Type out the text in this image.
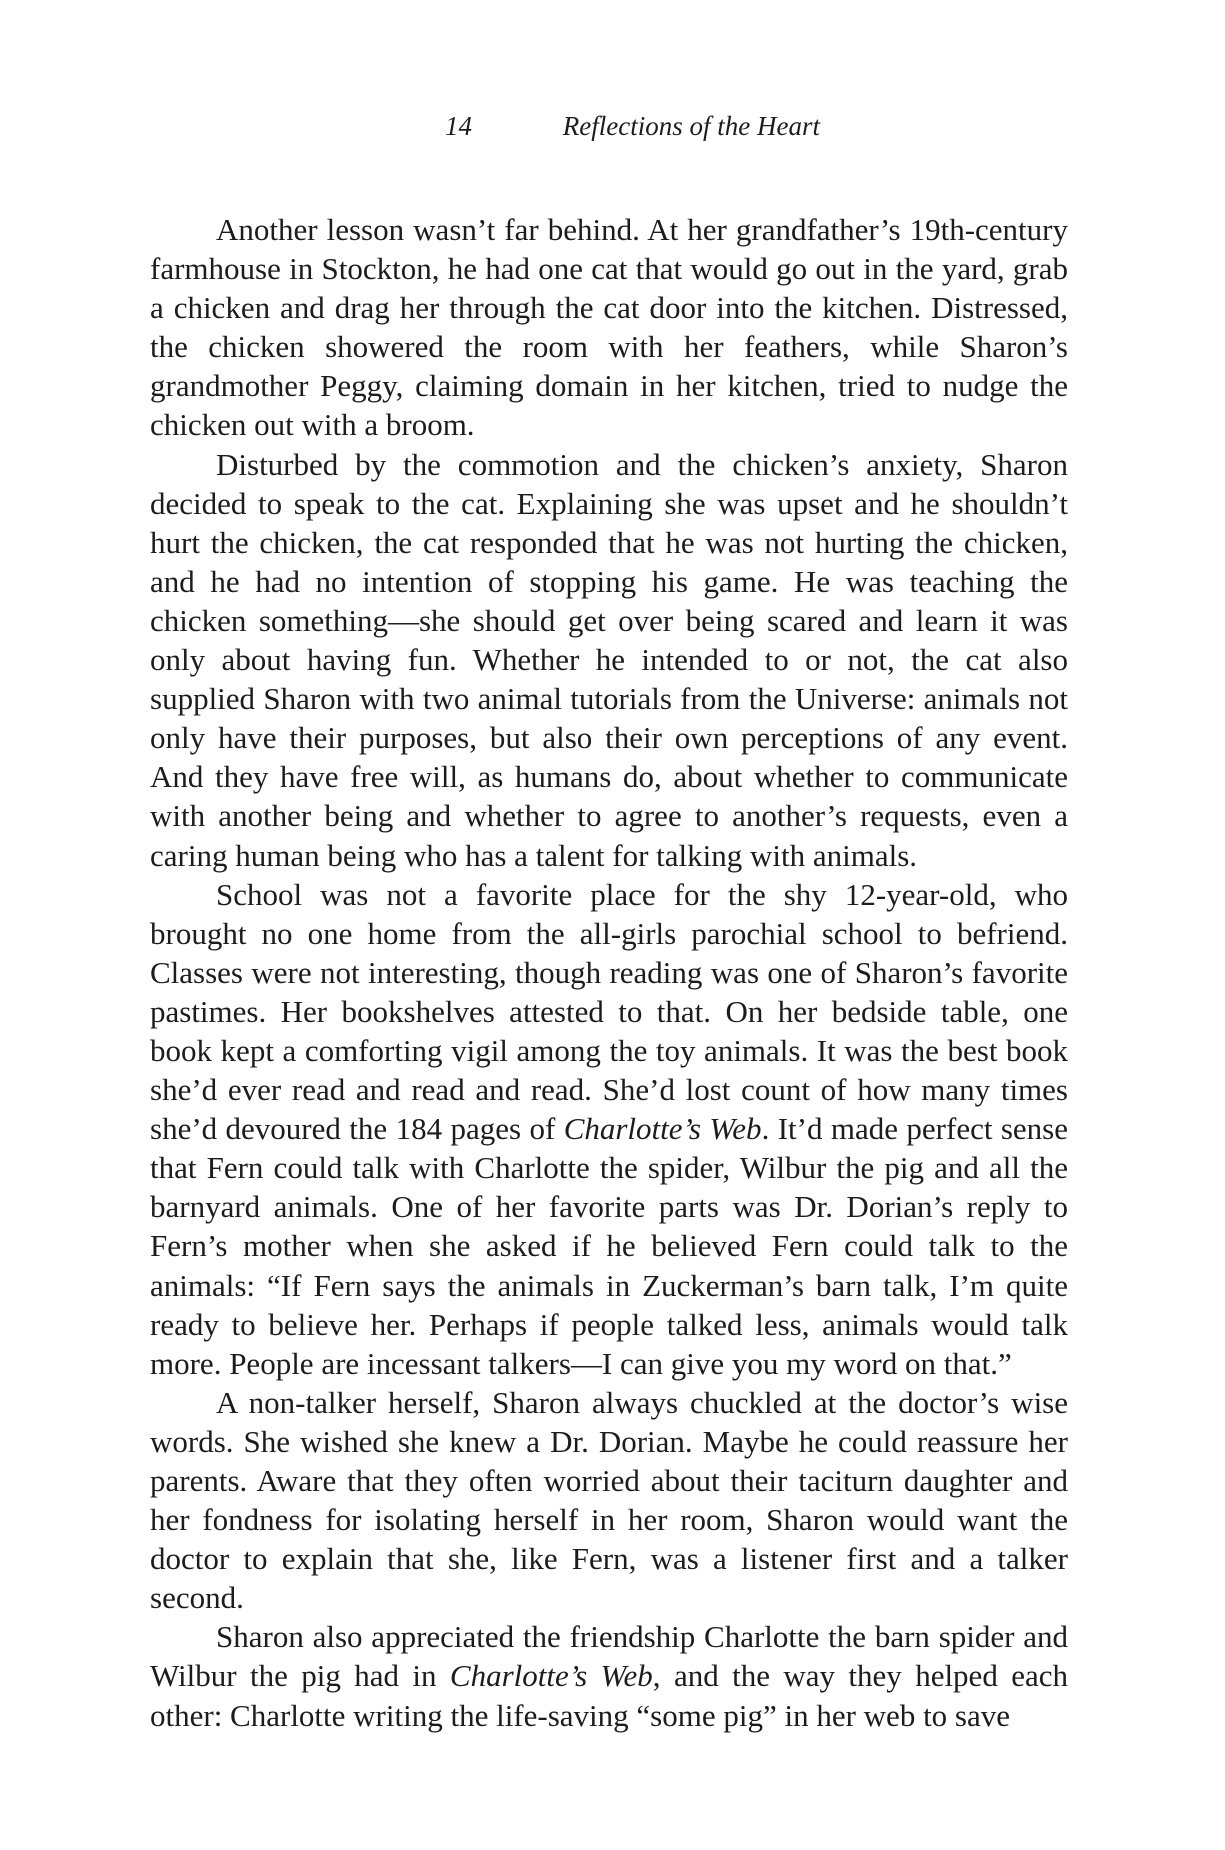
14	Reflections of the Heart

Another lesson wasn’t far behind. At her grandfather’s 19th-century farmhouse in Stockton, he had one cat that would go out in the yard, grab a chicken and drag her through the cat door into the kitchen. Distressed, the chicken showered the room with her feathers, while Sharon’s grandmother Peggy, claiming domain in her kitchen, tried to nudge the chicken out with a broom.

Disturbed by the commotion and the chicken’s anxiety, Sharon decided to speak to the cat. Explaining she was upset and he shouldn’t hurt the chicken, the cat responded that he was not hurting the chicken, and he had no intention of stopping his game. He was teaching the chicken something—she should get over being scared and learn it was only about having fun. Whether he intended to or not, the cat also supplied Sharon with two animal tutorials from the Universe: animals not only have their purposes, but also their own perceptions of any event. And they have free will, as humans do, about whether to communicate with another being and whether to agree to another’s requests, even a caring human being who has a talent for talking with animals.

School was not a favorite place for the shy 12-year-old, who brought no one home from the all-girls parochial school to befriend. Classes were not interesting, though reading was one of Sharon’s favorite pastimes. Her bookshelves attested to that. On her bedside table, one book kept a comforting vigil among the toy animals. It was the best book she’d ever read and read and read. She’d lost count of how many times she’d devoured the 184 pages of Charlotte’s Web. It’d made perfect sense that Fern could talk with Charlotte the spider, Wilbur the pig and all the barnyard animals. One of her favorite parts was Dr. Dorian’s reply to Fern’s mother when she asked if he believed Fern could talk to the animals: “If Fern says the animals in Zuckerman’s barn talk, I’m quite ready to believe her. Perhaps if people talked less, animals would talk more. People are incessant talkers—I can give you my word on that.”

A non-talker herself, Sharon always chuckled at the doctor’s wise words. She wished she knew a Dr. Dorian. Maybe he could reassure her parents. Aware that they often worried about their taciturn daughter and her fondness for isolating herself in her room, Sharon would want the doctor to explain that she, like Fern, was a listener first and a talker second.

Sharon also appreciated the friendship Charlotte the barn spider and Wilbur the pig had in Charlotte’s Web, and the way they helped each other: Charlotte writing the life-saving “some pig” in her web to save
